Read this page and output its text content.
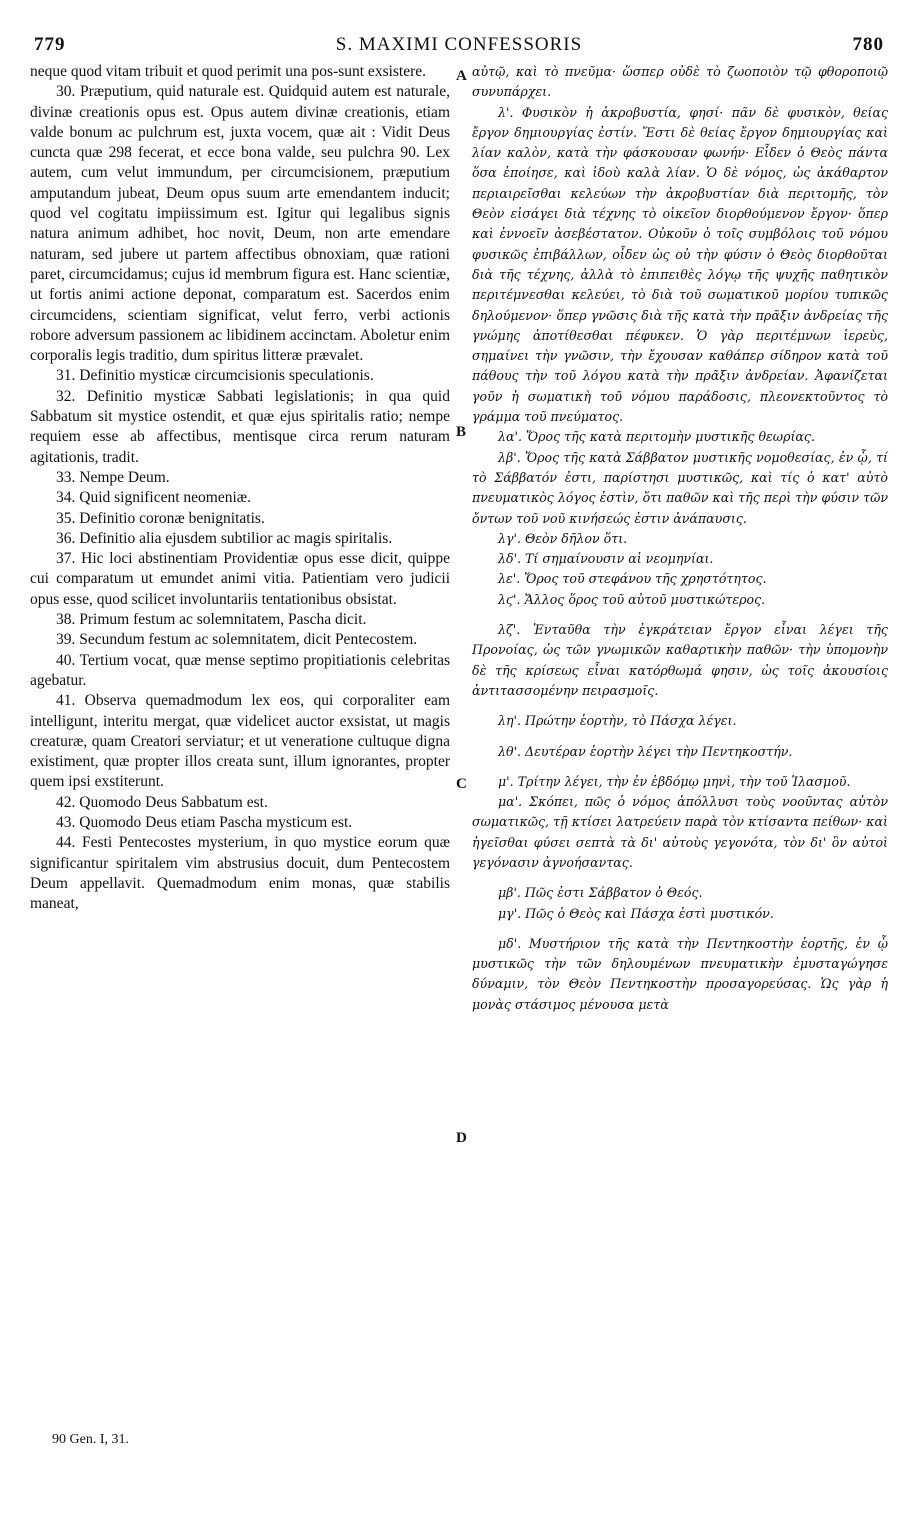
779	S. MAXIMI CONFESSORIS	780

neque quod vitam tribuit et quod perimit una pos-sunt exsistere.

30. Præputium, quid naturale est. Quidquid autem est naturale, divinæ creationis opus est. Opus autem divinæ creationis, etiam valde bonum ac pulchrum est, juxta vocem, quæ ait : Vidit Deus cuncta quæ 298 fecerat, et ecce bona valde, seu pulchra 90. Lex autem, cum velut immundum, per circumcisionem, præputium amputandum jubeat, Deum opus suum arte emendantem inducit; quod vel cogitatu impiissimum est. Igitur qui legalibus signis natura animum adhibet, hoc novit, Deum, non arte emendare naturam, sed jubere ut partem affectibus obnoxiam, quæ rationi paret, circumcidamus; cujus id membrum figura est. Hanc scientiæ, ut fortis animi actione deponat, comparatum est. Sacerdos enim circumcidens, scientiam significat, velut ferro, verbi actionis robore adversum passionem ac libidinem accinctam. Aboletur enim corporalis legis traditio, dum spiritus litteræ prævalet.

31. Definitio mysticæ circumcisionis speculationis.

32. Definitio mysticæ Sabbati legislationis; in qua quid Sabbatum sit mystice ostendit, et quæ ejus spiritalis ratio; nempe requiem esse ab affectibus, mentisque circa rerum naturam agitationis, tradit.

33. Nempe Deum.

34. Quid significent neomeniæ.

35. Definitio coronæ benignitatis.

36. Definitio alia ejusdem subtilior ac magis spiritalis.

37. Hic loci abstinentiam Providentiæ opus esse dicit, quippe cui comparatum ut emundet animi vitia. Patientiam vero judicii opus esse, quod scilicet involuntariis tentationibus obsistat.

38. Primum festum ac solemnitatem, Pascha dicit.

39. Secundum festum ac solemnitatem, dicit Pentecostem.

40. Tertium vocat, quæ mense septimo propitiationis celebritas agebatur.

41. Observa quemadmodum lex eos, qui corporaliter eam intelligunt, interitu mergat, quæ videlicet auctor exsistat, ut magis creaturæ, quam Creatori serviatur; et ut veneratione cultuque digna existiment, quæ propter illos creata sunt, illum ignorantes, propter quem ipsi exstiterunt.

42. Quomodo Deus Sabbatum est.

43. Quomodo Deus etiam Pascha mysticum est.

44. Festi Pentecostes mysterium, in quo mystice eorum quæ significantur spiritalem vim abstrusius docuit, dum Pentecostem Deum appellavit. Quemadmodum enim monas, quæ stabilis maneat,

αὐτῷ, καὶ τὸ πνεῦμα· ὥσπερ οὐδὲ τὸ ζωοποιὸν τῷ φθοροποιῷ συνυπάρχει.

λ'. Φυσικὸν ἡ ἀκροβυστία, φησί· πᾶν δὲ φυσικὸν, θείας ἔργον δημιουργίας ἐστίν. Ἔστι δὲ θείας ἔργον δημιουργίας καὶ λίαν καλὸν, κατὰ τὴν φάσκουσαν φωνήν· Εἶδεν ὁ Θεὸς πάντα ὅσα ἐποίησε, καὶ ἰδοὺ καλὰ λίαν. Ὁ δὲ νόμος, ὡς ἀκάθαρτον περιαιρεῖσθαι κελεύων τὴν ἀκροβυστίαν διὰ περιτομῆς, τὸν Θεὸν εἰσάγει διὰ τέχνης τὸ οἰκεῖον διορθούμενον ἔργον· ὅπερ καὶ ἐννοεῖν ἀσεβέστατον. Οὐκοῦν ὁ τοῖς συμβόλοις τοῦ νόμου φυσικῶς ἐπιβάλλων, οἶδεν ὡς οὐ τὴν φύσιν ὁ Θεὸς διορθοῦται διὰ τῆς τέχνης, ἀλλὰ τὸ ἐπιπειθὲς λόγῳ τῆς ψυχῆς παθητικὸν περιτέμνεσθαι κελεύει, τὸ διὰ τοῦ σωματικοῦ μορίου τυπικῶς δηλούμενον· ὅπερ γνῶσις διὰ τῆς κατὰ τὴν πρᾶξιν ἀνδρείας τῆς γνώμης ἀποτίθεσθαι πέφυκεν. Ὁ γὰρ περιτέμνων ἱερεὺς, σημαίνει τὴν γνῶσιν, τὴν ἔχουσαν καθάπερ σίδηρον κατὰ τοῦ πάθους τὴν τοῦ λόγου κατὰ τὴν πρᾶξιν ἀνδρείαν. Ἀφανίζεται γοῦν ἡ σωματικὴ τοῦ νόμου παράδοσις, πλεονεκτοῦντος τὸ γράμμα τοῦ πνεύματος.

λα'. Ὅρος τῆς κατὰ περιτομὴν μυστικῆς θεωρίας.

λβ'. Ὅρος τῆς κατὰ Σάββατον μυστικῆς νομοθεσίας, ἐν ᾧ, τί τὸ Σάββατόν ἐστι, παρίστησι μυστικῶς, καὶ τίς ὁ κατ' αὐτὸ πνευματικὸς λόγος ἐστὶν, ὅτι παθῶν καὶ τῆς περὶ τὴν φύσιν τῶν ὄντων τοῦ νοῦ κινήσεώς ἐστιν ἀνάπαυσις.

λγ'. Θεὸν δῆλον ὅτι.

λδ'. Τί σημαίνουσιν αἱ νεομηνίαι.

λε'. Ὅρος τοῦ στεφάνου τῆς χρηστότητος.

λϛ'. Ἄλλος ὅρος τοῦ αὐτοῦ μυστικώτερος.

λζ'. Ἐνταῦθα τὴν ἐγκράτειαν ἔργον εἶναι λέγει τῆς Προνοίας, ὡς τῶν γνωμικῶν καθαρτικὴν παθῶν· τὴν ὑπομονὴν δὲ τῆς κρίσεως εἶναι κατόρθωμά φησιν, ὡς τοῖς ἀκουσίοις ἀντιτασσομένην πειρασμοῖς.

λη'. Πρώτην ἑορτὴν, τὸ Πάσχα λέγει.

λθ'. Δευτέραν ἑορτὴν λέγει τὴν Πεντηκοστήν.

μ'. Τρίτην λέγει, τὴν ἐν ἑβδόμῳ μηνὶ, τὴν τοῦ Ἱλασμοῦ.

μα'. Σκόπει, πῶς ὁ νόμος ἀπόλλυσι τοὺς νοοῦντας αὐτὸν σωματικῶς, τῇ κτίσει λατρεύειν παρὰ τὸν κτίσαντα πείθων· καὶ ἡγεῖσθαι φύσει σεπτὰ τὰ δι' αὐτοὺς γεγονότα, τὸν δι' ὃν αὐτοὶ γεγόνασιν ἀγνοήσαντας.

μβ'. Πῶς ἐστι Σάββατον ὁ Θεός.

μγ'. Πῶς ὁ Θεὸς καὶ Πάσχα ἐστὶ μυστικόν.

μδ'. Μυστήριον τῆς κατὰ τὴν Πεντηκοστὴν ἑορτῆς, ἐν ᾧ μυστικῶς τὴν τῶν δηλουμένων πνευματικὴν ἐμυσταγώγησε δύναμιν, τὸν Θεὸν Πεντηκοστὴν προσαγορεύσας. Ὡς γὰρ ἡ μονὰς στάσιμος μένουσα μετὰ

A
B
C
D
90 Gen. I, 31.
